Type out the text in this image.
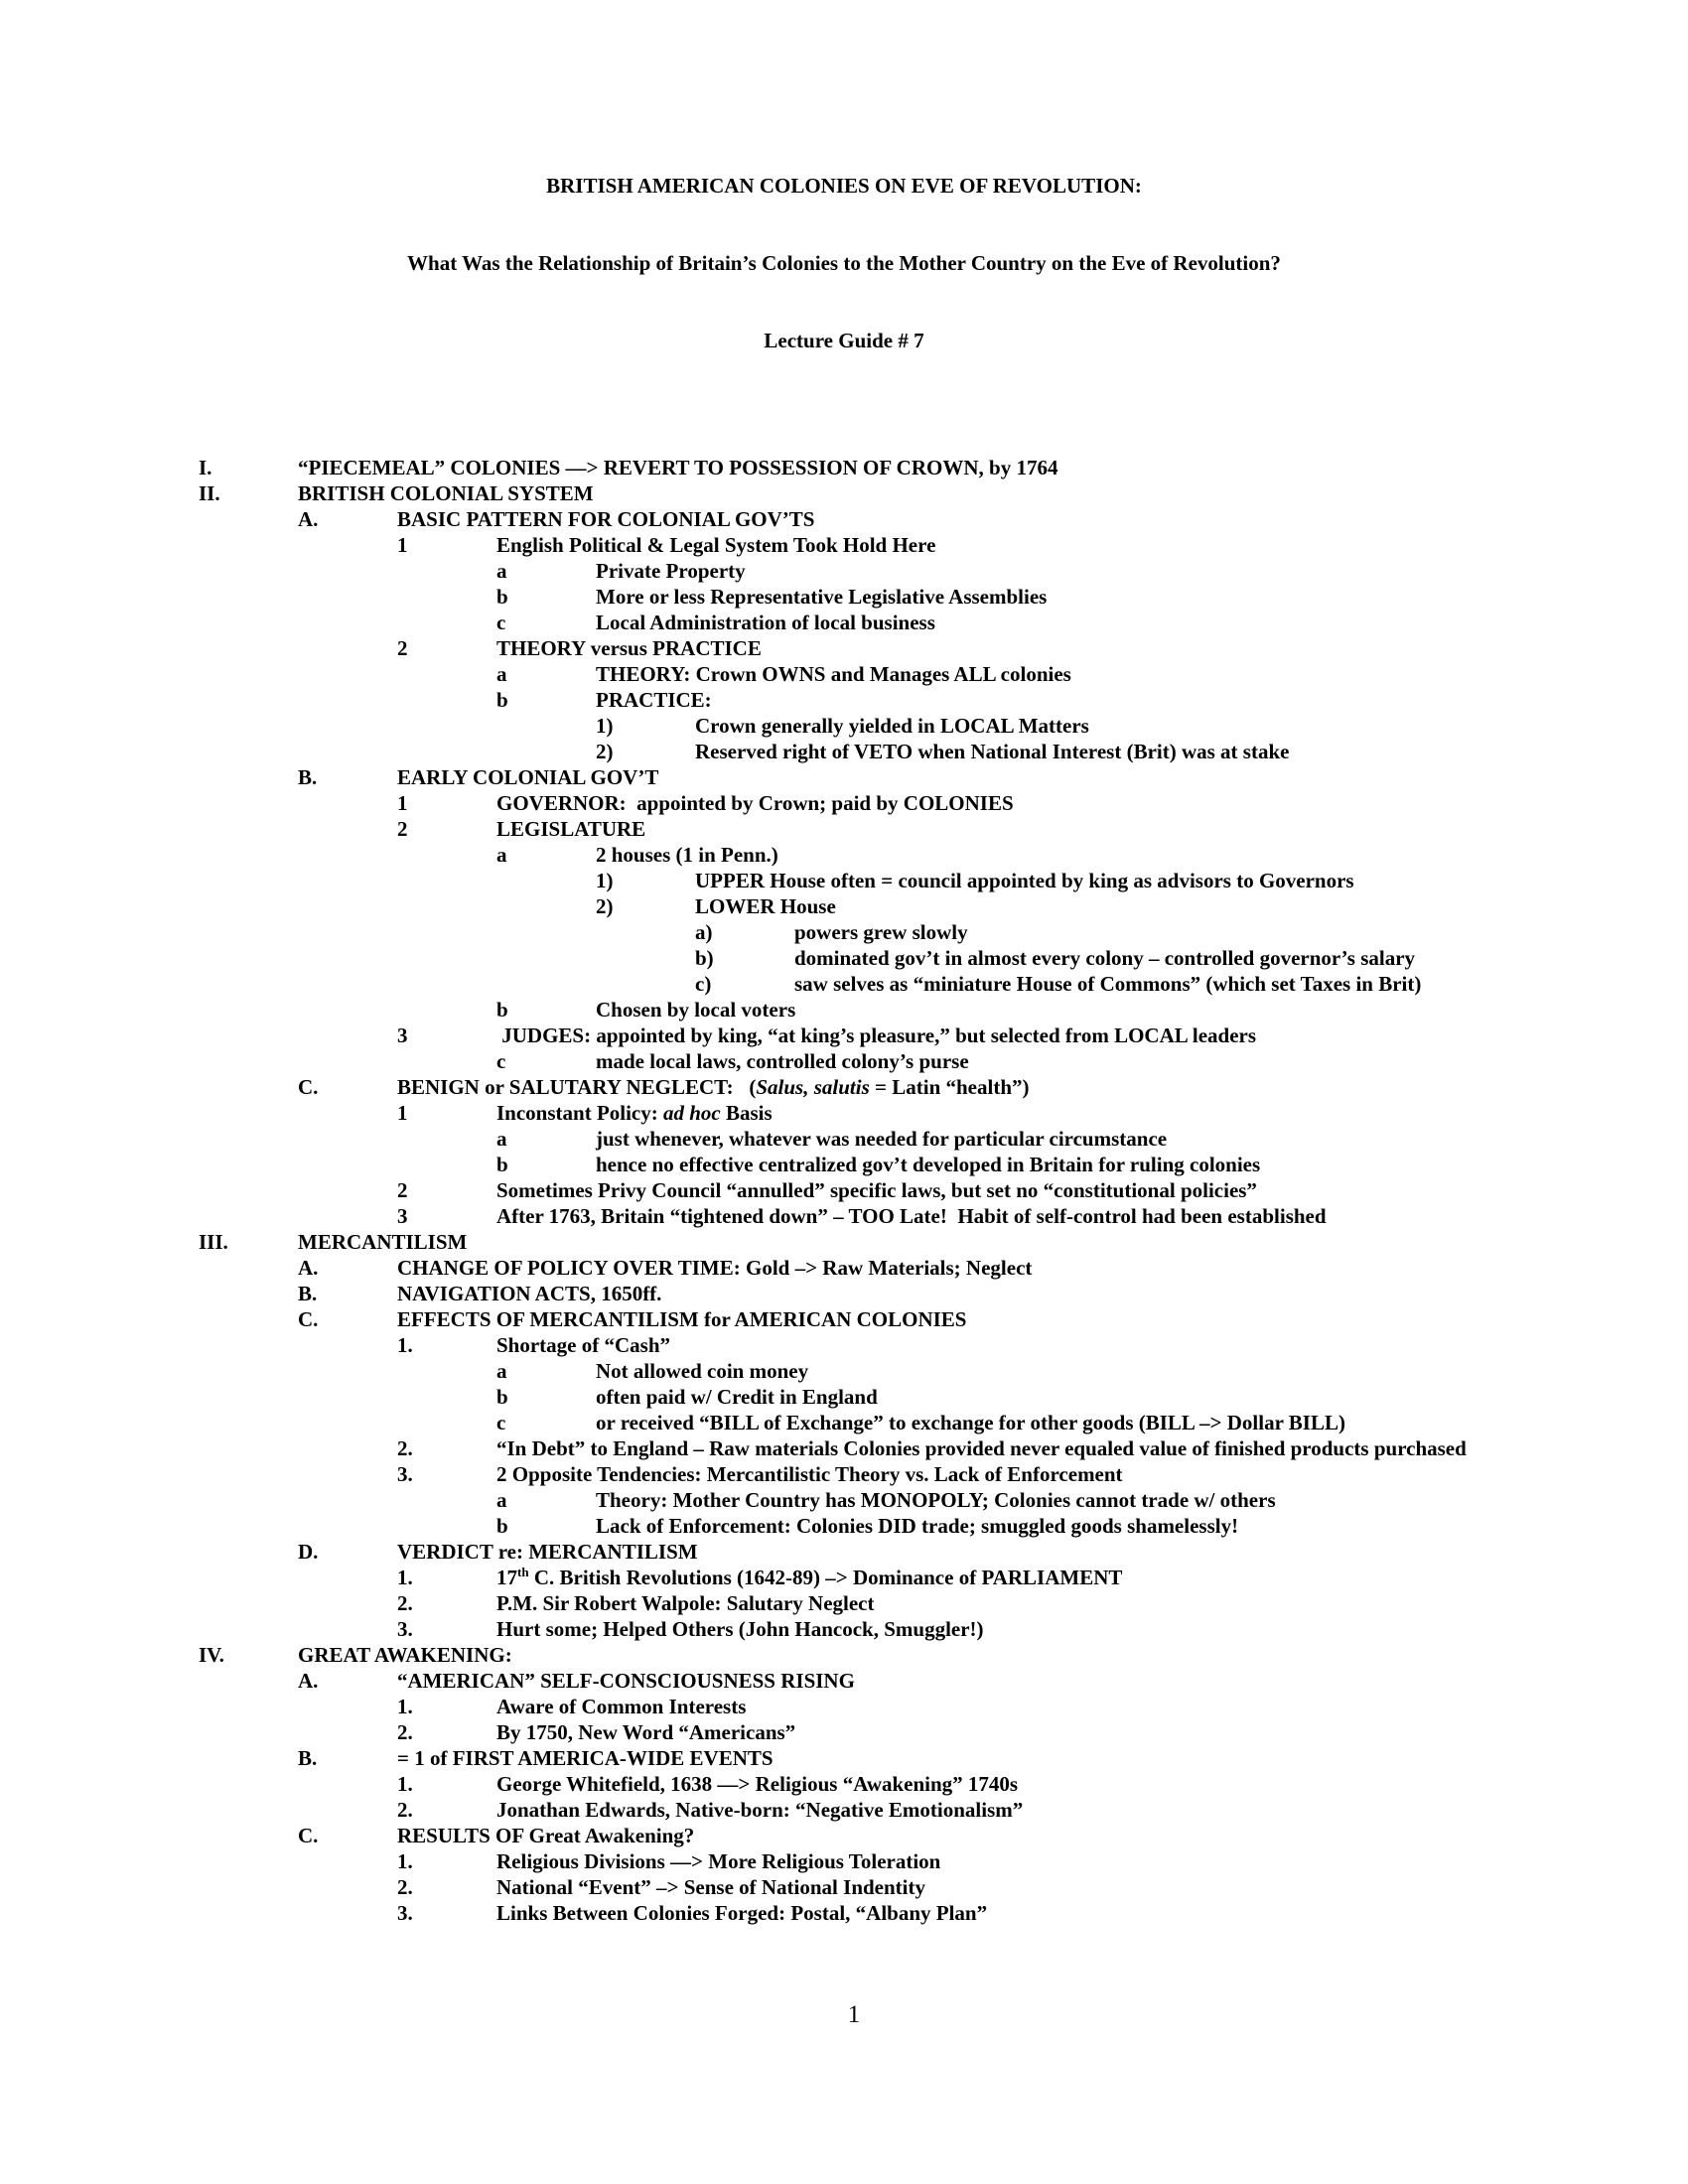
BRITISH AMERICAN COLONIES ON EVE OF REVOLUTION:

What Was the Relationship of Britain’s Colonies to the Mother Country on the Eve of Revolution?

Lecture Guide # 7

I.	“PIECEMEAL” COLONIES —> REVERT TO POSSESSION OF CROWN, by 1764
II.	BRITISH COLONIAL SYSTEM
A.	BASIC PATTERN FOR COLONIAL GOV’TS
1	English Political & Legal System Took Hold Here
a	Private Property
b	More or less Representative Legislative Assemblies
c	Local Administration of local business
2	THEORY versus PRACTICE
a	THEORY: Crown OWNS and Manages ALL colonies
b	PRACTICE:
1)	Crown generally yielded in LOCAL Matters
2)	Reserved right of VETO when National Interest (Brit) was at stake
B.	EARLY COLONIAL GOV’T
1	GOVERNOR:  appointed by Crown; paid by COLONIES
2	LEGISLATURE
a	2 houses (1 in Penn.)
1)	UPPER House often = council appointed by king as advisors to Governors
2)	LOWER House
a)	powers grew slowly
b)	dominated gov’t in almost every colony – controlled governor’s salary
c)	saw selves as “miniature House of Commons” (which set Taxes in Brit)
b	Chosen by local voters
3	JUDGES: appointed by king, “at king’s pleasure,” but selected from LOCAL leaders
c	made local laws, controlled colony’s purse
C.	BENIGN or SALUTARY NEGLECT:   (Salus, salutis = Latin “health”)
1	Inconstant Policy: ad hoc Basis
a	just whenever, whatever was needed for particular circumstance
b	hence no effective centralized gov’t developed in Britain for ruling colonies
2	Sometimes Privy Council “annulled” specific laws, but set no “constitutional policies”
3	After 1763, Britain “tightened down” – TOO Late!  Habit of self-control had been established
III.	MERCANTILISM
A.	CHANGE OF POLICY OVER TIME: Gold –> Raw Materials; Neglect
B.	NAVIGATION ACTS, 1650ff.
C.	EFFECTS OF MERCANTILISM for AMERICAN COLONIES
1.	Shortage of “Cash”
a	Not allowed coin money
b	often paid w/ Credit in England
c	or received “BILL of Exchange” to exchange for other goods (BILL –> Dollar BILL)
2.	“In Debt” to England – Raw materials Colonies provided never equaled value of finished products purchased
3.	2 Opposite Tendencies: Mercantilistic Theory vs. Lack of Enforcement
a	Theory: Mother Country has MONOPOLY; Colonies cannot trade w/ others
b	Lack of Enforcement: Colonies DID trade; smuggled goods shamelessly!
D.	VERDICT re: MERCANTILISM
1.	17th C. British Revolutions (1642-89) –> Dominance of PARLIAMENT
2.	P.M. Sir Robert Walpole: Salutary Neglect
3.	Hurt some; Helped Others (John Hancock, Smuggler!)
IV.	GREAT AWAKENING:
A.	“AMERICAN” SELF-CONSCIOUSNESS RISING
1.	Aware of Common Interests
2.	By 1750, New Word “Americans”
B.	= 1 of FIRST AMERICA-WIDE EVENTS
1.	George Whitefield, 1638 —> Religious “Awakening” 1740s
2.	Jonathan Edwards, Native-born: “Negative Emotionalism”
C.	RESULTS OF Great Awakening?
1.	Religious Divisions —> More Religious Toleration
2.	National “Event” –> Sense of National Indentity
3.	Links Between Colonies Forged: Postal, “Albany Plan”
1
